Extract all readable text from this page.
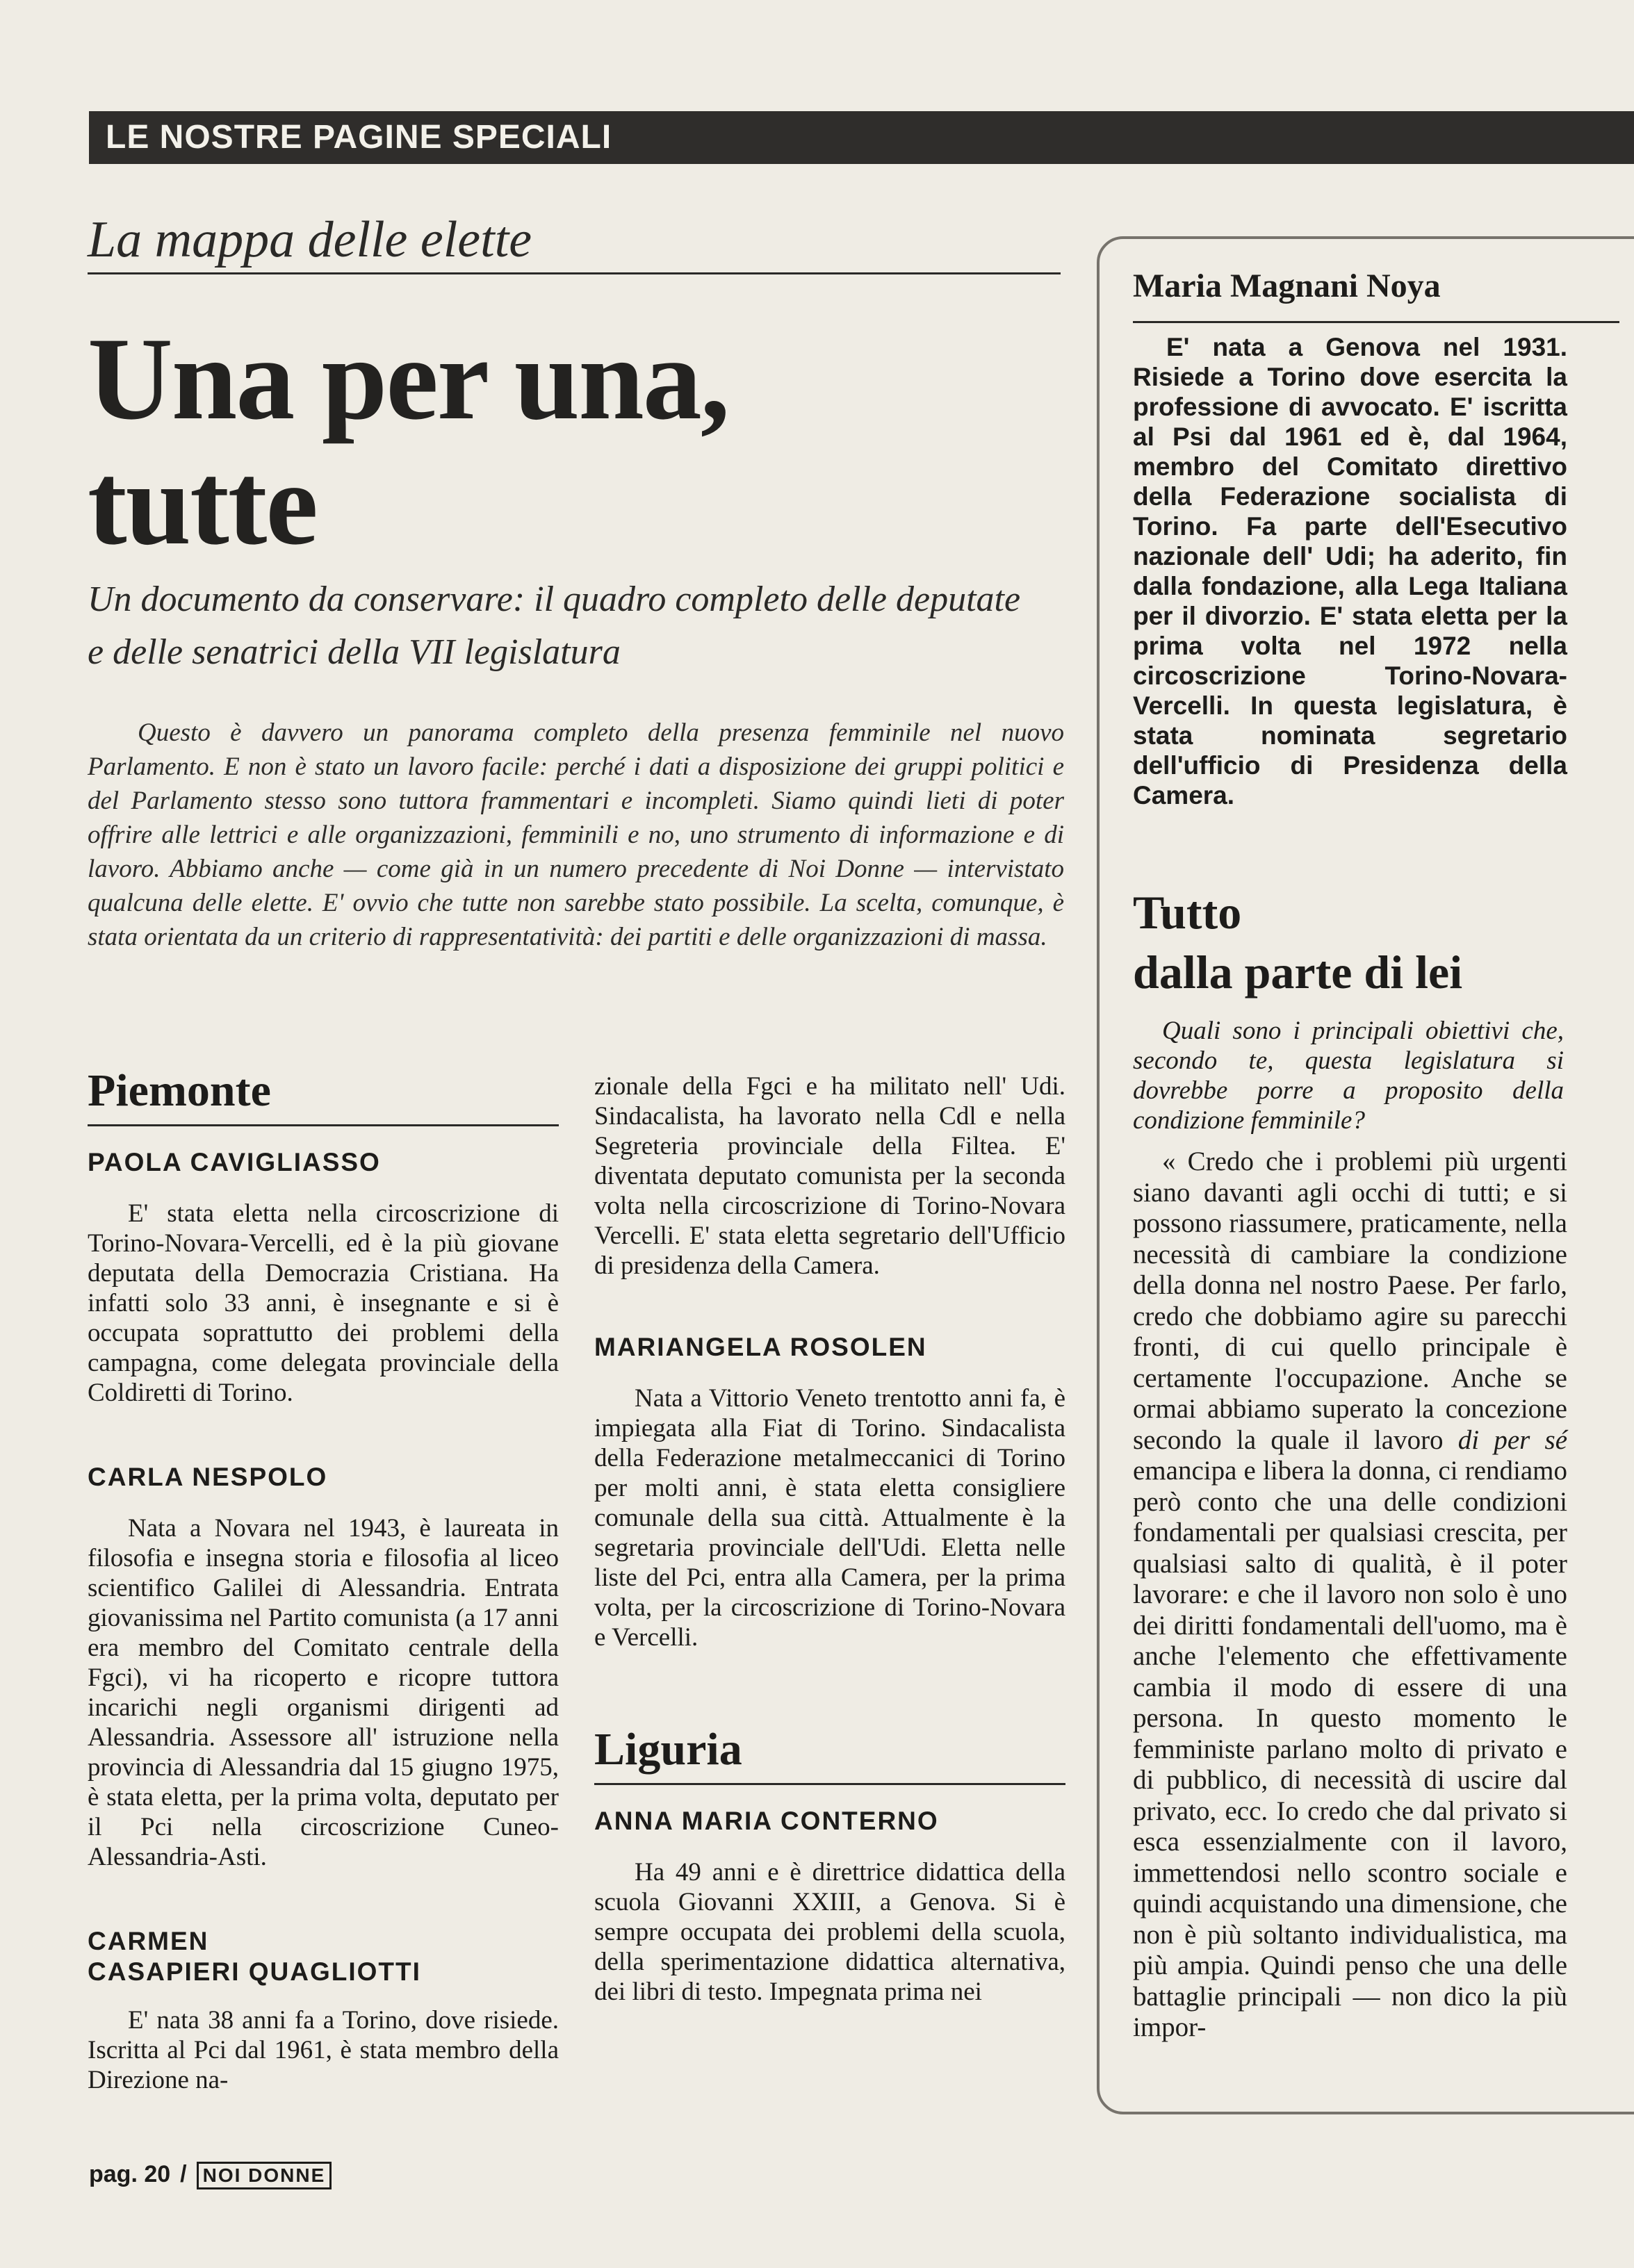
LE NOSTRE PAGINE SPECIALI
La mappa delle elette
Una per una,
tutte
Un documento da conservare: il quadro completo delle deputate e delle senatrici della VII legislatura
Questo è davvero un panorama completo della presenza femminile nel nuovo Parlamento. E non è stato un lavoro facile: perché i dati a disposizione dei gruppi politici e del Parlamento stesso sono tuttora frammentari e incompleti. Siamo quindi lieti di poter offrire alle lettrici e alle organizzazioni, femminili e no, uno strumento di informazione e di lavoro. Abbiamo anche — come già in un numero precedente di Noi Donne — intervistato qualcuna delle elette. E' ovvio che tutte non sarebbe stato possibile. La scelta, comunque, è stata orientata da un criterio di rappresentatività: dei partiti e delle organizzazioni di massa.
Piemonte
PAOLA CAVIGLIASSO

E' stata eletta nella circoscrizione di Torino-Novara-Vercelli, ed è la più giovane deputata della Democrazia Cristiana. Ha infatti solo 33 anni, è insegnante e si è occupata soprattutto dei problemi della campagna, come delegata provinciale della Coldiretti di Torino.

CARLA NESPOLO

Nata a Novara nel 1943, è laureata in filosofia e insegna storia e filosofia al liceo scientifico Galilei di Alessandria. Entrata giovanissima nel Partito comunista (a 17 anni era membro del Comitato centrale della Fgci), vi ha ricoperto e ricopre tuttora incarichi negli organismi dirigenti ad Alessandria. Assessore all' istruzione nella provincia di Alessandria dal 15 giugno 1975, è stata eletta, per la prima volta, deputato per il Pci nella circoscrizione Cuneo-Alessandria-Asti.

CARMEN
CASAPIERI QUAGLIOTTI

E' nata 38 anni fa a Torino, dove risiede. Iscritta al Pci dal 1961, è stata membro della Direzione na-

zionale della Fgci e ha militato nell' Udi. Sindacalista, ha lavorato nella Cdl e nella Segreteria provinciale della Filtea. E' diventata deputato comunista per la seconda volta nella circoscrizione di Torino-Novara Vercelli. E' stata eletta segretario dell'Ufficio di presidenza della Camera.

MARIANGELA ROSOLEN

Nata a Vittorio Veneto trentotto anni fa, è impiegata alla Fiat di Torino. Sindacalista della Federazione metalmeccanici di Torino per molti anni, è stata eletta consigliere comunale della sua città. Attualmente è la segretaria provinciale dell'Udi. Eletta nelle liste del Pci, entra alla Camera, per la prima volta, per la circoscrizione di Torino-Novara e Vercelli.

Liguria
ANNA MARIA CONTERNO

Ha 49 anni e è direttrice didattica della scuola Giovanni XXIII, a Genova. Si è sempre occupata dei problemi della scuola, della sperimentazione didattica alternativa, dei libri di testo. Impegnata prima nei

Maria Magnani Noya
E' nata a Genova nel 1931. Risiede a Torino dove esercita la professione di avvocato. E' iscritta al Psi dal 1961 ed è, dal 1964, membro del Comitato direttivo della Federazione socialista di Torino. Fa parte dell'Esecutivo nazionale dell' Udi; ha aderito, fin dalla fondazione, alla Lega Italiana per il divorzio. E' stata eletta per la prima volta nel 1972 nella circoscrizione Torino-Novara-Vercelli. In questa legislatura, è stata nominata segretario dell'ufficio di Presidenza della Camera.
Tutto
dalla parte di lei
Quali sono i principali obiettivi che, secondo te, questa legislatura si dovrebbe porre a proposito della condizione femminile?
« Credo che i problemi più urgenti siano davanti agli occhi di tutti; e si possono riassumere, praticamente, nella necessità di cambiare la condizione della donna nel nostro Paese. Per farlo, credo che dobbiamo agire su parecchi fronti, di cui quello principale è certamente l'occupazione. Anche se ormai abbiamo superato la concezione secondo la quale il lavoro di per sé emancipa e libera la donna, ci rendiamo però conto che una delle condizioni fondamentali per qualsiasi crescita, per qualsiasi salto di qualità, è il poter lavorare: e che il lavoro non solo è uno dei diritti fondamentali dell'uomo, ma è anche l'elemento che effettivamente cambia il modo di essere di una persona. In questo momento le femministe parlano molto di privato e di pubblico, di necessità di uscire dal privato, ecc. Io credo che dal privato si esca essenzialmente con il lavoro, immettendosi nello scontro sociale e quindi acquistando una dimensione, che non è più soltanto individualistica, ma più ampia. Quindi penso che una delle battaglie principali — non dico la più impor-
pag. 20 / NOI DONNE
